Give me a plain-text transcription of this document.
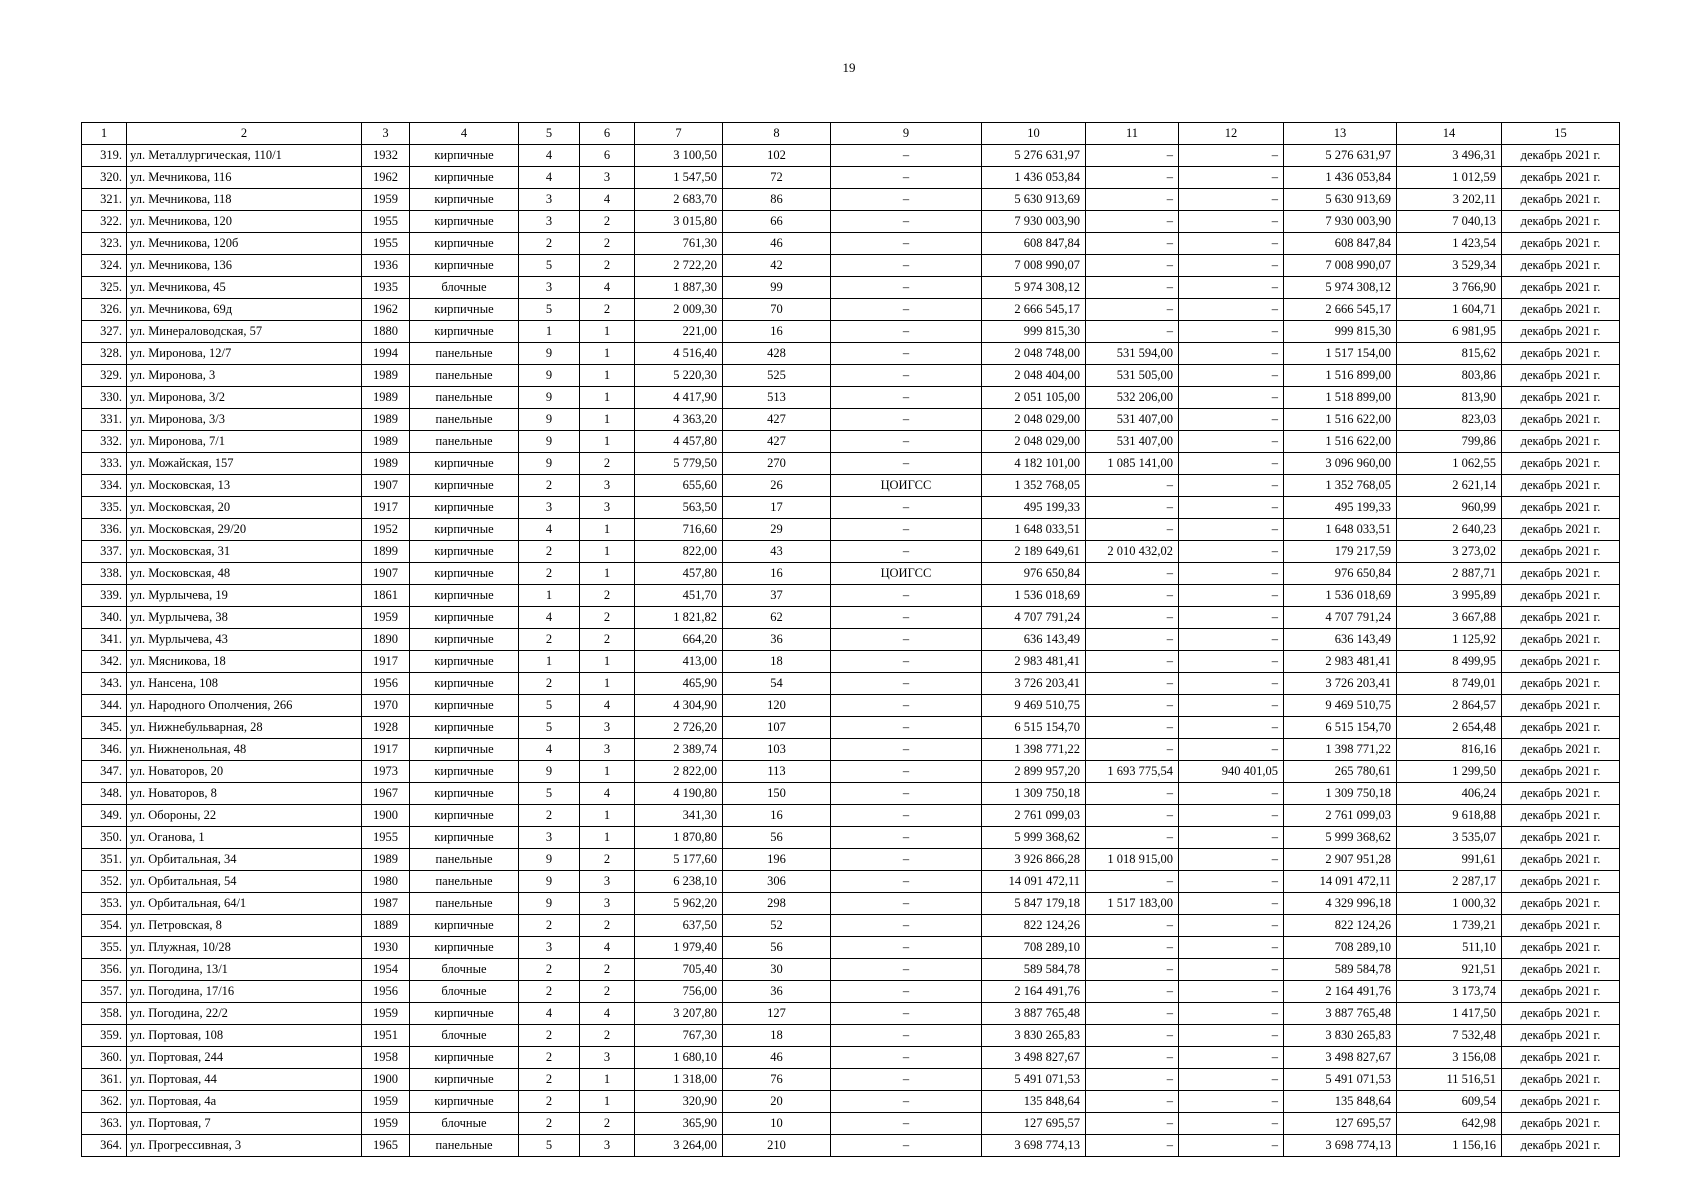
19
1	2	3	4	5	6	7	8	9	10	11	12	13	14	15
319.	ул. Металлургическая, 110/1	1932	кирпичные	4	6	3 100,50	102	–	5 276 631,97	–	–	5 276 631,97	3 496,31	декабрь 2021 г.
320.	ул. Мечникова, 116	1962	кирпичные	4	3	1 547,50	72	–	1 436 053,84	–	–	1 436 053,84	1 012,59	декабрь 2021 г.
321.	ул. Мечникова, 118	1959	кирпичные	3	4	2 683,70	86	–	5 630 913,69	–	–	5 630 913,69	3 202,11	декабрь 2021 г.
322.	ул. Мечникова, 120	1955	кирпичные	3	2	3 015,80	66	–	7 930 003,90	–	–	7 930 003,90	7 040,13	декабрь 2021 г.
323.	ул. Мечникова, 120б	1955	кирпичные	2	2	761,30	46	–	608 847,84	–	–	608 847,84	1 423,54	декабрь 2021 г.
324.	ул. Мечникова, 136	1936	кирпичные	5	2	2 722,20	42	–	7 008 990,07	–	–	7 008 990,07	3 529,34	декабрь 2021 г.
325.	ул. Мечникова, 45	1935	блочные	3	4	1 887,30	99	–	5 974 308,12	–	–	5 974 308,12	3 766,90	декабрь 2021 г.
326.	ул. Мечникова, 69д	1962	кирпичные	5	2	2 009,30	70	–	2 666 545,17	–	–	2 666 545,17	1 604,71	декабрь 2021 г.
327.	ул. Минераловодская, 57	1880	кирпичные	1	1	221,00	16	–	999 815,30	–	–	999 815,30	6 981,95	декабрь 2021 г.
328.	ул. Миронова, 12/7	1994	панельные	9	1	4 516,40	428	–	2 048 748,00	531 594,00	–	1 517 154,00	815,62	декабрь 2021 г.
329.	ул. Миронова, 3	1989	панельные	9	1	5 220,30	525	–	2 048 404,00	531 505,00	–	1 516 899,00	803,86	декабрь 2021 г.
330.	ул. Миронова, 3/2	1989	панельные	9	1	4 417,90	513	–	2 051 105,00	532 206,00	–	1 518 899,00	813,90	декабрь 2021 г.
331.	ул. Миронова, 3/3	1989	панельные	9	1	4 363,20	427	–	2 048 029,00	531 407,00	–	1 516 622,00	823,03	декабрь 2021 г.
332.	ул. Миронова, 7/1	1989	панельные	9	1	4 457,80	427	–	2 048 029,00	531 407,00	–	1 516 622,00	799,86	декабрь 2021 г.
333.	ул. Можайская, 157	1989	кирпичные	9	2	5 779,50	270	–	4 182 101,00	1 085 141,00	–	3 096 960,00	1 062,55	декабрь 2021 г.
334.	ул. Московская, 13	1907	кирпичные	2	3	655,60	26	ЦОИГСС	1 352 768,05	–	–	1 352 768,05	2 621,14	декабрь 2021 г.
335.	ул. Московская, 20	1917	кирпичные	3	3	563,50	17	–	495 199,33	–	–	495 199,33	960,99	декабрь 2021 г.
336.	ул. Московская, 29/20	1952	кирпичные	4	1	716,60	29	–	1 648 033,51	–	–	1 648 033,51	2 640,23	декабрь 2021 г.
337.	ул. Московская, 31	1899	кирпичные	2	1	822,00	43	–	2 189 649,61	2 010 432,02	–	179 217,59	3 273,02	декабрь 2021 г.
338.	ул. Московская, 48	1907	кирпичные	2	1	457,80	16	ЦОИГСС	976 650,84	–	–	976 650,84	2 887,71	декабрь 2021 г.
339.	ул. Мурлычева, 19	1861	кирпичные	1	2	451,70	37	–	1 536 018,69	–	–	1 536 018,69	3 995,89	декабрь 2021 г.
340.	ул. Мурлычева, 38	1959	кирпичные	4	2	1 821,82	62	–	4 707 791,24	–	–	4 707 791,24	3 667,88	декабрь 2021 г.
341.	ул. Мурлычева, 43	1890	кирпичные	2	2	664,20	36	–	636 143,49	–	–	636 143,49	1 125,92	декабрь 2021 г.
342.	ул. Мясникова, 18	1917	кирпичные	1	1	413,00	18	–	2 983 481,41	–	–	2 983 481,41	8 499,95	декабрь 2021 г.
343.	ул. Нансена, 108	1956	кирпичные	2	1	465,90	54	–	3 726 203,41	–	–	3 726 203,41	8 749,01	декабрь 2021 г.
344.	ул. Народного Ополчения, 266	1970	кирпичные	5	4	4 304,90	120	–	9 469 510,75	–	–	9 469 510,75	2 864,57	декабрь 2021 г.
345.	ул. Нижнебульварная, 28	1928	кирпичные	5	3	2 726,20	107	–	6 515 154,70	–	–	6 515 154,70	2 654,48	декабрь 2021 г.
346.	ул. Нижненольная, 48	1917	кирпичные	4	3	2 389,74	103	–	1 398 771,22	–	–	1 398 771,22	816,16	декабрь 2021 г.
347.	ул. Новаторов, 20	1973	кирпичные	9	1	2 822,00	113	–	2 899 957,20	1 693 775,54	940 401,05	265 780,61	1 299,50	декабрь 2021 г.
348.	ул. Новаторов, 8	1967	кирпичные	5	4	4 190,80	150	–	1 309 750,18	–	–	1 309 750,18	406,24	декабрь 2021 г.
349.	ул. Обороны, 22	1900	кирпичные	2	1	341,30	16	–	2 761 099,03	–	–	2 761 099,03	9 618,88	декабрь 2021 г.
350.	ул. Оганова, 1	1955	кирпичные	3	1	1 870,80	56	–	5 999 368,62	–	–	5 999 368,62	3 535,07	декабрь 2021 г.
351.	ул. Орбитальная, 34	1989	панельные	9	2	5 177,60	196	–	3 926 866,28	1 018 915,00	–	2 907 951,28	991,61	декабрь 2021 г.
352.	ул. Орбитальная, 54	1980	панельные	9	3	6 238,10	306	–	14 091 472,11	–	–	14 091 472,11	2 287,17	декабрь 2021 г.
353.	ул. Орбитальная, 64/1	1987	панельные	9	3	5 962,20	298	–	5 847 179,18	1 517 183,00	–	4 329 996,18	1 000,32	декабрь 2021 г.
354.	ул. Петровская, 8	1889	кирпичные	2	2	637,50	52	–	822 124,26	–	–	822 124,26	1 739,21	декабрь 2021 г.
355.	ул. Плужная, 10/28	1930	кирпичные	3	4	1 979,40	56	–	708 289,10	–	–	708 289,10	511,10	декабрь 2021 г.
356.	ул. Погодина, 13/1	1954	блочные	2	2	705,40	30	–	589 584,78	–	–	589 584,78	921,51	декабрь 2021 г.
357.	ул. Погодина, 17/16	1956	блочные	2	2	756,00	36	–	2 164 491,76	–	–	2 164 491,76	3 173,74	декабрь 2021 г.
358.	ул. Погодина, 22/2	1959	кирпичные	4	4	3 207,80	127	–	3 887 765,48	–	–	3 887 765,48	1 417,50	декабрь 2021 г.
359.	ул. Портовая, 108	1951	блочные	2	2	767,30	18	–	3 830 265,83	–	–	3 830 265,83	7 532,48	декабрь 2021 г.
360.	ул. Портовая, 244	1958	кирпичные	2	3	1 680,10	46	–	3 498 827,67	–	–	3 498 827,67	3 156,08	декабрь 2021 г.
361.	ул. Портовая, 44	1900	кирпичные	2	1	1 318,00	76	–	5 491 071,53	–	–	5 491 071,53	11 516,51	декабрь 2021 г.
362.	ул. Портовая, 4а	1959	кирпичные	2	1	320,90	20	–	135 848,64	–	–	135 848,64	609,54	декабрь 2021 г.
363.	ул. Портовая, 7	1959	блочные	2	2	365,90	10	–	127 695,57	–	–	127 695,57	642,98	декабрь 2021 г.
364.	ул. Прогрессивная, 3	1965	панельные	5	3	3 264,00	210	–	3 698 774,13	–	–	3 698 774,13	1 156,16	декабрь 2021 г.
